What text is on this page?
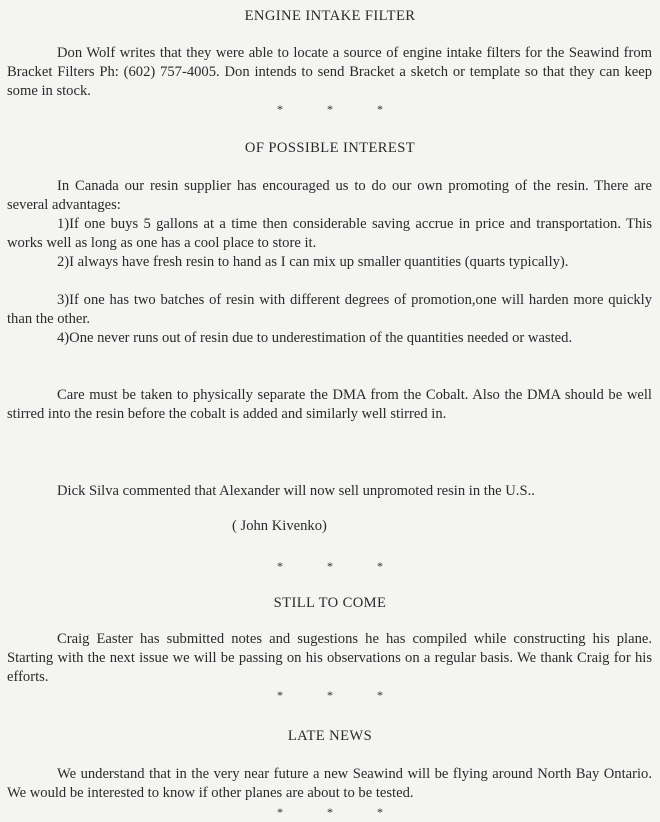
ENGINE INTAKE FILTER

Don Wolf writes that they were able to locate a source of engine intake filters for the Seawind from Bracket Filters Ph: (602) 757-4005. Don intends to send Bracket a sketch or template so that they can keep some in stock.

*	*	*
OF POSSIBLE INTEREST

In Canada our resin supplier has encouraged us to do our own promoting of the resin. There are several advantages:

1)If one buys 5 gallons at a time then considerable saving accrue in price and transportation. This works well as long as one has a cool place to store it.

2)I always have fresh resin to hand as I can mix up smaller quantities (quarts typically).

3)If one has two batches of resin with different degrees of promotion,one will harden more quickly than the other.

4)One never runs out of resin due to underestimation of the quantities needed or wasted.

Care must be taken to physically separate the DMA from the Cobalt. Also the DMA should be well stirred into the resin before the cobalt is added and similarly well stirred in.

Dick Silva commented that Alexander will now sell unpromoted resin in the U.S..
( John Kivenko)
*	*	*
STILL TO COME

Craig Easter has submitted notes and sugestions he has compiled while constructing his plane. Starting with the next issue we will be passing on his observations on a regular basis. We thank Craig for his efforts.

*	*	*
LATE NEWS

We understand that in the very near future a new Seawind will be flying around North Bay Ontario. We would be interested to know if other planes are about to be tested.

*	*	*
